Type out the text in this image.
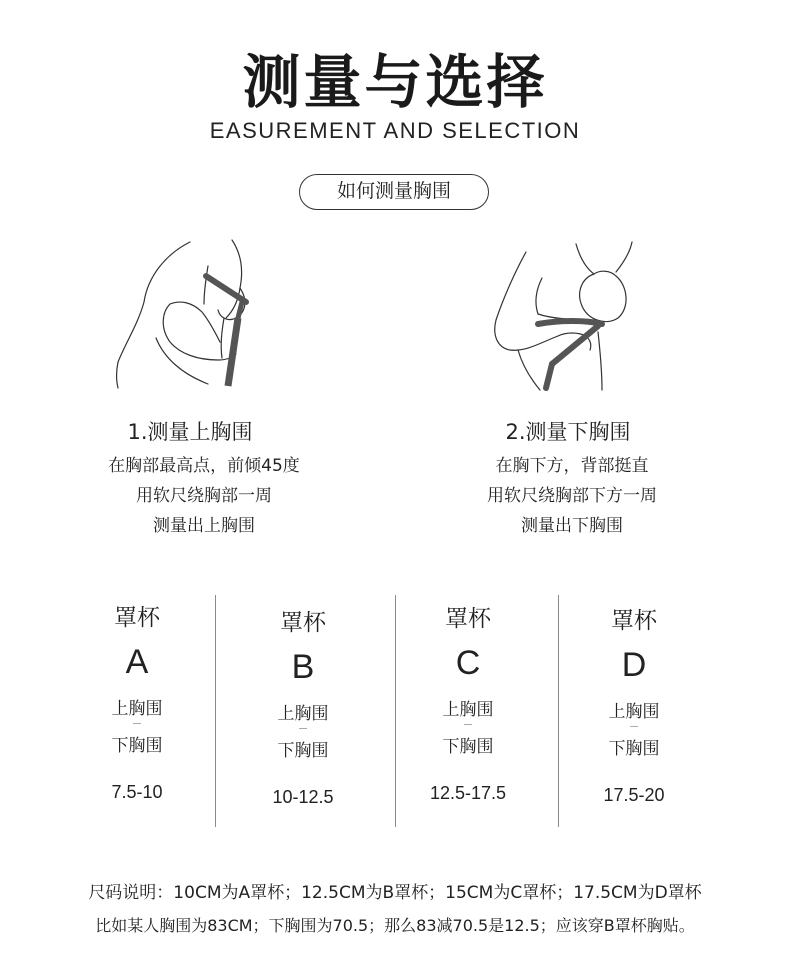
测量与选择
EASUREMENT AND SELECTION
如何测量胸围
1.测量上胸围
在胸部最高点，前倾45度
用软尺绕胸部一周
测量出上胸围
2.测量下胸围
在胸下方，背部挺直
用软尺绕胸部下方一周
测量出下胸围
罩杯
A
上胸围
下胸围
7.5-10
罩杯
B
上胸围
下胸围
10-12.5
罩杯
C
上胸围
下胸围
12.5-17.5
罩杯
D
上胸围
下胸围
17.5-20
尺码说明：10CM为A罩杯；12.5CM为B罩杯；15CM为C罩杯；17.5CM为D罩杯
比如某人胸围为83CM；下胸围为70.5；那么83减70.5是12.5；应该穿B罩杯胸贴。
